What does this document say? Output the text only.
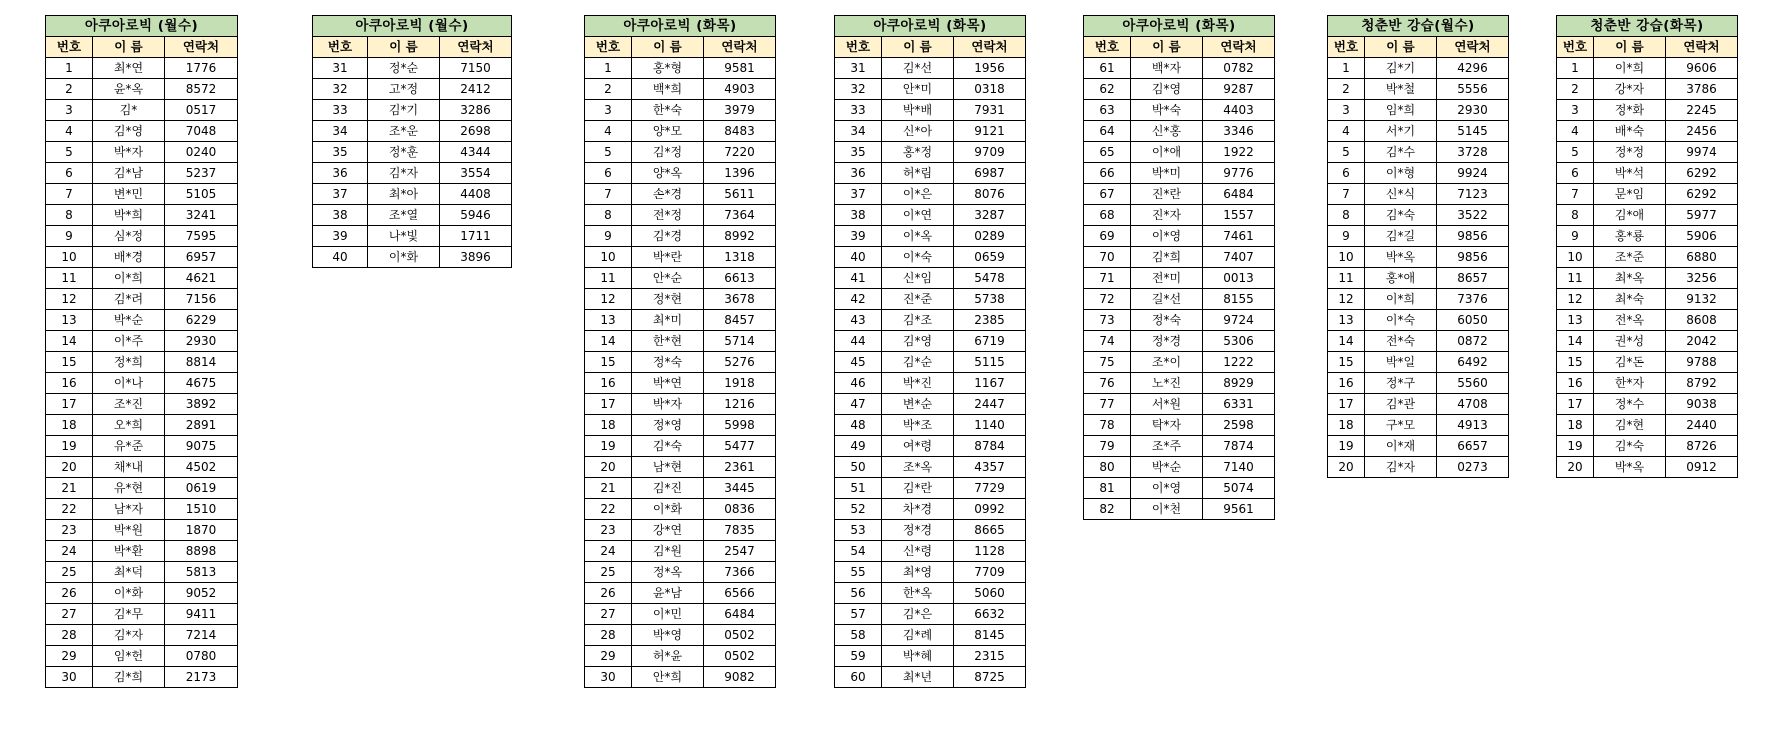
아쿠아로빅 (월수)		
번호	이 름	연락처
1	최*연	1776
2	윤*옥	8572
3	김*	0517
4	김*영	7048
5	박*자	0240
6	김*남	5237
7	변*민	5105
8	박*희	3241
9	심*정	7595
10	배*경	6957
11	이*희	4621
12	김*려	7156
13	박*순	6229
14	이*주	2930
15	정*희	8814
16	이*나	4675
17	조*진	3892
18	오*희	2891
19	유*준	9075
20	채*내	4502
21	유*현	0619
22	남*자	1510
23	박*원	1870
24	박*환	8898
25	최*덕	5813
26	이*화	9052
27	김*무	9411
28	김*자	7214
29	임*헌	0780
30	김*희	2173
아쿠아로빅 (월수)		
번호	이 름	연락처
31	정*순	7150
32	고*정	2412
33	김*기	3286
34	조*운	2698
35	정*훈	4344
36	김*자	3554
37	최*아	4408
38	조*열	5946
39	나*빛	1711
40	이*화	3896
아쿠아로빅 (화목)		
번호	이 름	연락처
1	홍*형	9581
2	백*희	4903
3	한*숙	3979
4	양*모	8483
5	김*정	7220
6	양*옥	1396
7	손*경	5611
8	전*정	7364
9	김*경	8992
10	박*란	1318
11	안*순	6613
12	정*현	3678
13	최*미	8457
14	한*현	5714
15	정*숙	5276
16	박*연	1918
17	박*자	1216
18	정*영	5998
19	김*숙	5477
20	남*현	2361
21	김*진	3445
22	이*화	0836
23	강*연	7835
24	김*원	2547
25	정*옥	7366
26	윤*남	6566
27	이*민	6484
28	박*영	0502
29	허*윤	0502
30	안*희	9082
아쿠아로빅 (화목)		
번호	이 름	연락처
31	김*선	1956
32	안*미	0318
33	박*배	7931
34	신*아	9121
35	홍*정	9709
36	허*림	6987
37	이*은	8076
38	이*연	3287
39	이*옥	0289
40	이*숙	0659
41	신*임	5478
42	진*준	5738
43	김*조	2385
44	김*영	6719
45	김*순	5115
46	박*진	1167
47	변*순	2447
48	박*조	1140
49	여*령	8784
50	조*옥	4357
51	김*란	7729
52	차*경	0992
53	정*경	8665
54	신*령	1128
55	최*영	7709
56	한*옥	5060
57	김*은	6632
58	김*례	8145
59	박*혜	2315
60	최*년	8725
아쿠아로빅 (화목)		
번호	이 름	연락처
61	백*자	0782
62	김*영	9287
63	박*숙	4403
64	신*홍	3346
65	이*애	1922
66	박*미	9776
67	진*란	6484
68	진*자	1557
69	이*영	7461
70	김*희	7407
71	전*미	0013
72	길*선	8155
73	정*숙	9724
74	정*경	5306
75	조*이	1222
76	노*진	8929
77	서*원	6331
78	탁*자	2598
79	조*주	7874
80	박*순	7140
81	이*영	5074
82	이*천	9561
청춘반 강습(월수)		
번호	이 름	연락처
1	김*기	4296
2	박*철	5556
3	임*희	2930
4	서*기	5145
5	김*수	3728
6	이*형	9924
7	신*식	7123
8	김*숙	3522
9	김*길	9856
10	박*옥	9856
11	홍*애	8657
12	이*희	7376
13	이*숙	6050
14	전*숙	0872
15	박*일	6492
16	정*구	5560
17	김*관	4708
18	구*모	4913
19	이*재	6657
20	김*자	0273
청춘반 강습(화목)		
번호	이 름	연락처
1	이*희	9606
2	강*자	3786
3	정*화	2245
4	배*숙	2456
5	정*정	9974
6	박*석	6292
7	문*임	6292
8	김*애	5977
9	홍*룡	5906
10	조*준	6880
11	최*옥	3256
12	최*숙	9132
13	전*옥	8608
14	권*성	2042
15	김*돈	9788
16	한*자	8792
17	정*수	9038
18	김*현	2440
19	김*숙	8726
20	박*옥	0912
